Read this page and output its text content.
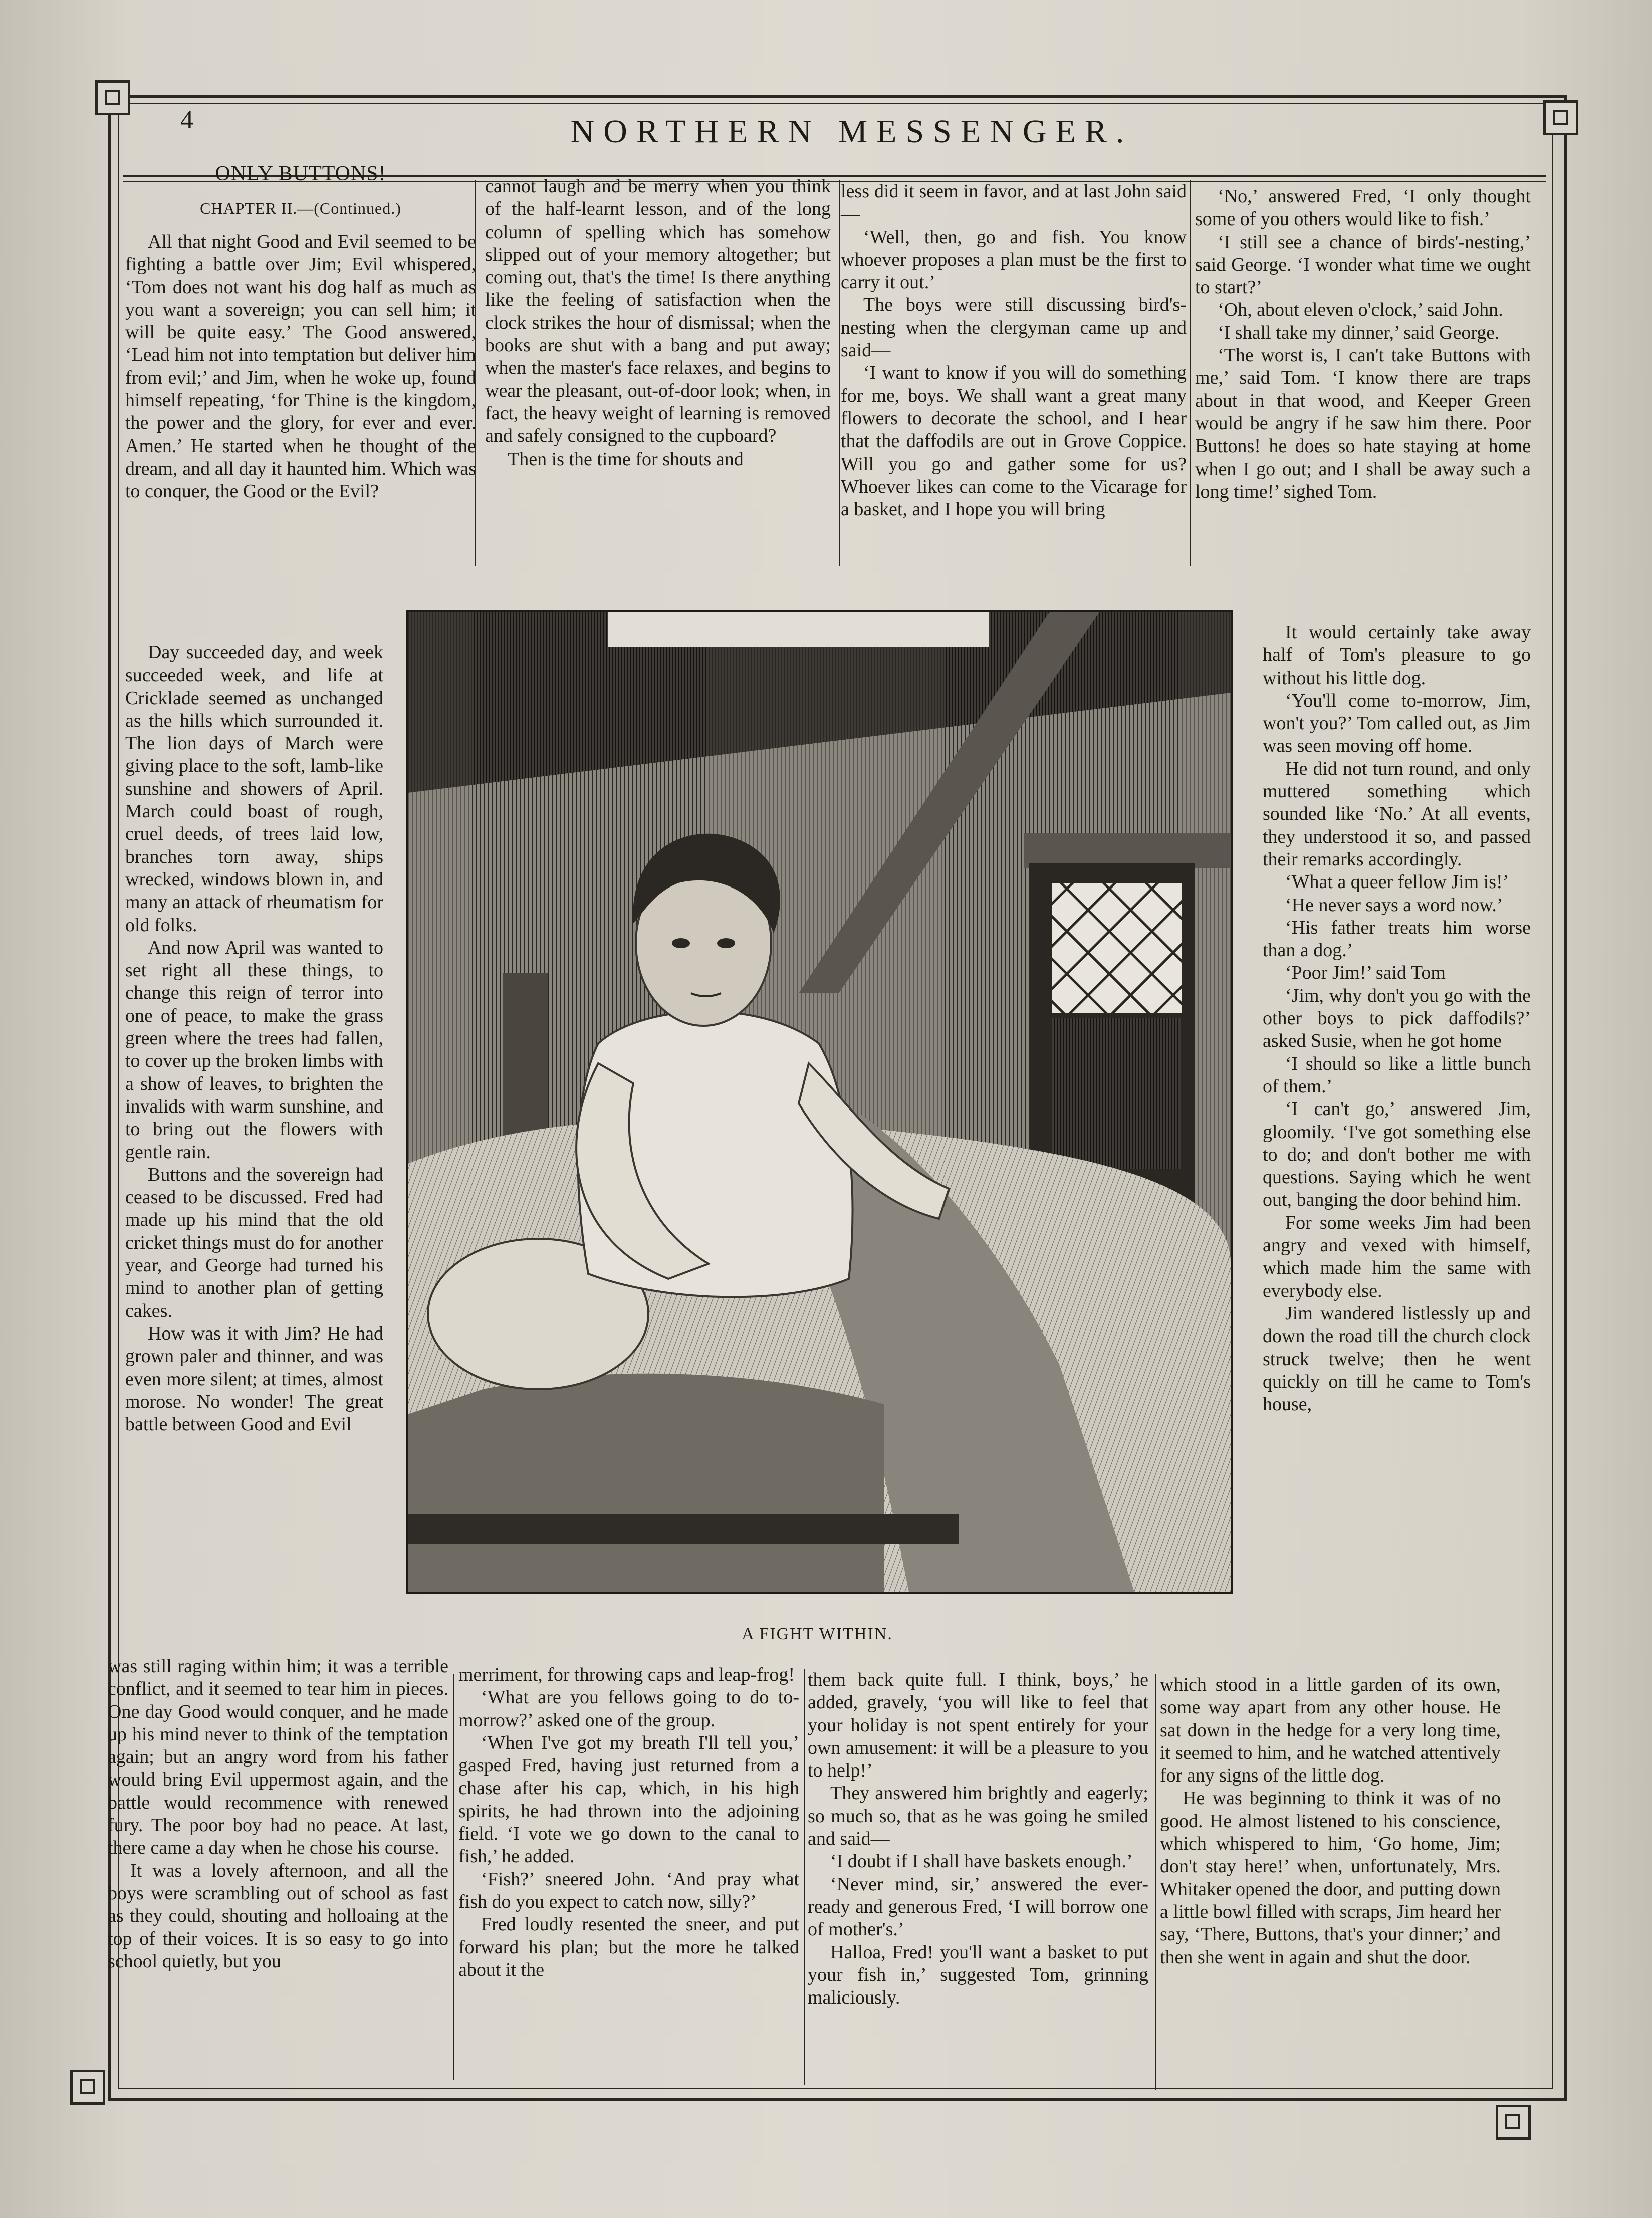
4	NORTHERN MESSENGER.
ONLY BUTTONS!
CHAPTER II.—(Continued.)

All that night Good and Evil seemed to be fighting a battle over Jim; Evil whispered, ‘Tom does not want his dog half as much as you want a sovereign; you can sell him; it will be quite easy.’ The Good answered, ‘Lead him not into temptation but deliver him from evil;’ and Jim, when he woke up, found himself repeating, ‘for Thine is the kingdom, the power and the glory, for ever and ever. Amen.’ He started when he thought of the dream, and all day it haunted him. Which was to conquer, the Good or the Evil?

Day succeeded day, and week succeeded week, and life at Cricklade seemed as unchanged as the hills which surrounded it. The lion days of March were giving place to the soft, lamb-like sunshine and showers of April. March could boast of rough, cruel deeds, of trees laid low, branches torn away, ships wrecked, windows blown in, and many an attack of rheumatism for old folks.

And now April was wanted to set right all these things, to change this reign of terror into one of peace, to make the grass green where the trees had fallen, to cover up the broken limbs with a show of leaves, to brighten the invalids with warm sunshine, and to bring out the flowers with gentle rain.

Buttons and the sovereign had ceased to be discussed. Fred had made up his mind that the old cricket things must do for another year, and George had turned his mind to another plan of getting cakes.

How was it with Jim? He had grown paler and thinner, and was even more silent; at times, almost morose. No wonder! The great battle between Good and Evil

cannot laugh and be merry when you think of the half-learnt lesson, and of the long column of spelling which has somehow slipped out of your memory altogether; but coming out, that's the time! Is there anything like the feeling of satisfaction when the clock strikes the hour of dismissal; when the books are shut with a bang and put away; when the master's face relaxes, and begins to wear the pleasant, out-of-door look; when, in fact, the heavy weight of learning is removed and safely consigned to the cupboard?

Then is the time for shouts and

less did it seem in favor, and at last John said—

‘Well, then, go and fish. You know whoever proposes a plan must be the first to carry it out.’

The boys were still discussing bird's-nesting when the clergyman came up and said—

‘I want to know if you will do something for me, boys. We shall want a great many flowers to decorate the school, and I hear that the daffodils are out in Grove Coppice. Will you go and gather some for us? Whoever likes can come to the Vicarage for a basket, and I hope you will bring

‘No,’ answered Fred, ‘I only thought some of you others would like to fish.’

‘I still see a chance of birds'-nesting,’ said George. ‘I wonder what time we ought to start?’

‘Oh, about eleven o'clock,’ said John.

‘I shall take my dinner,’ said George.

‘The worst is, I can't take Buttons with me,’ said Tom. ‘I know there are traps about in that wood, and Keeper Green would be angry if he saw him there. Poor Buttons! he does so hate staying at home when I go out; and I shall be away such a long time!’ sighed Tom.

It would certainly take away half of Tom's pleasure to go without his little dog.

‘You'll come to-morrow, Jim, won't you?’ Tom called out, as Jim was seen moving off home.

He did not turn round, and only muttered something which sounded like ‘No.’ At all events, they understood it so, and passed their remarks accordingly.

‘What a queer fellow Jim is!’

‘He never says a word now.’

‘His father treats him worse than a dog.’

‘Poor Jim!’ said Tom

‘Jim, why don't you go with the other boys to pick daffodils?’ asked Susie, when he got home

‘I should so like a little bunch of them.’

‘I can't go,’ answered Jim, gloomily. ‘I've got something else to do; and don't bother me with questions. Saying which he went out, banging the door behind him.

For some weeks Jim had been angry and vexed with himself, which made him the same with everybody else.

Jim wandered listlessly up and down the road till the church clock struck twelve; then he went quickly on till he came to Tom's house,

A FIGHT WITHIN.

was still raging within him; it was a terrible conflict, and it seemed to tear him in pieces. One day Good would conquer, and he made up his mind never to think of the temptation again; but an angry word from his father would bring Evil uppermost again, and the battle would recommence with renewed fury. The poor boy had no peace. At last, there came a day when he chose his course.

It was a lovely afternoon, and all the boys were scrambling out of school as fast as they could, shouting and holloaing at the top of their voices. It is so easy to go into school quietly, but you

merriment, for throwing caps and leap-frog!

‘What are you fellows going to do to-morrow?’ asked one of the group.

‘When I've got my breath I'll tell you,’ gasped Fred, having just returned from a chase after his cap, which, in his high spirits, he had thrown into the adjoining field. ‘I vote we go down to the canal to fish,’ he added.

‘Fish?’ sneered John. ‘And pray what fish do you expect to catch now, silly?’

Fred loudly resented the sneer, and put forward his plan; but the more he talked about it the

them back quite full. I think, boys,’ he added, gravely, ‘you will like to feel that your holiday is not spent entirely for your own amusement: it will be a pleasure to you to help!’

They answered him brightly and eagerly; so much so, that as he was going he smiled and said—

‘I doubt if I shall have baskets enough.’

‘Never mind, sir,’ answered the ever-ready and generous Fred, ‘I will borrow one of mother's.’

Halloa, Fred! you'll want a basket to put your fish in,’ suggested Tom, grinning maliciously.

which stood in a little garden of its own, some way apart from any other house. He sat down in the hedge for a very long time, it seemed to him, and he watched attentively for any signs of the little dog.

He was beginning to think it was of no good. He almost listened to his conscience, which whispered to him, ‘Go home, Jim; don't stay here!’ when, unfortunately, Mrs. Whitaker opened the door, and putting down a little bowl filled with scraps, Jim heard her say, ‘There, Buttons, that's your dinner;’ and then she went in again and shut the door.
